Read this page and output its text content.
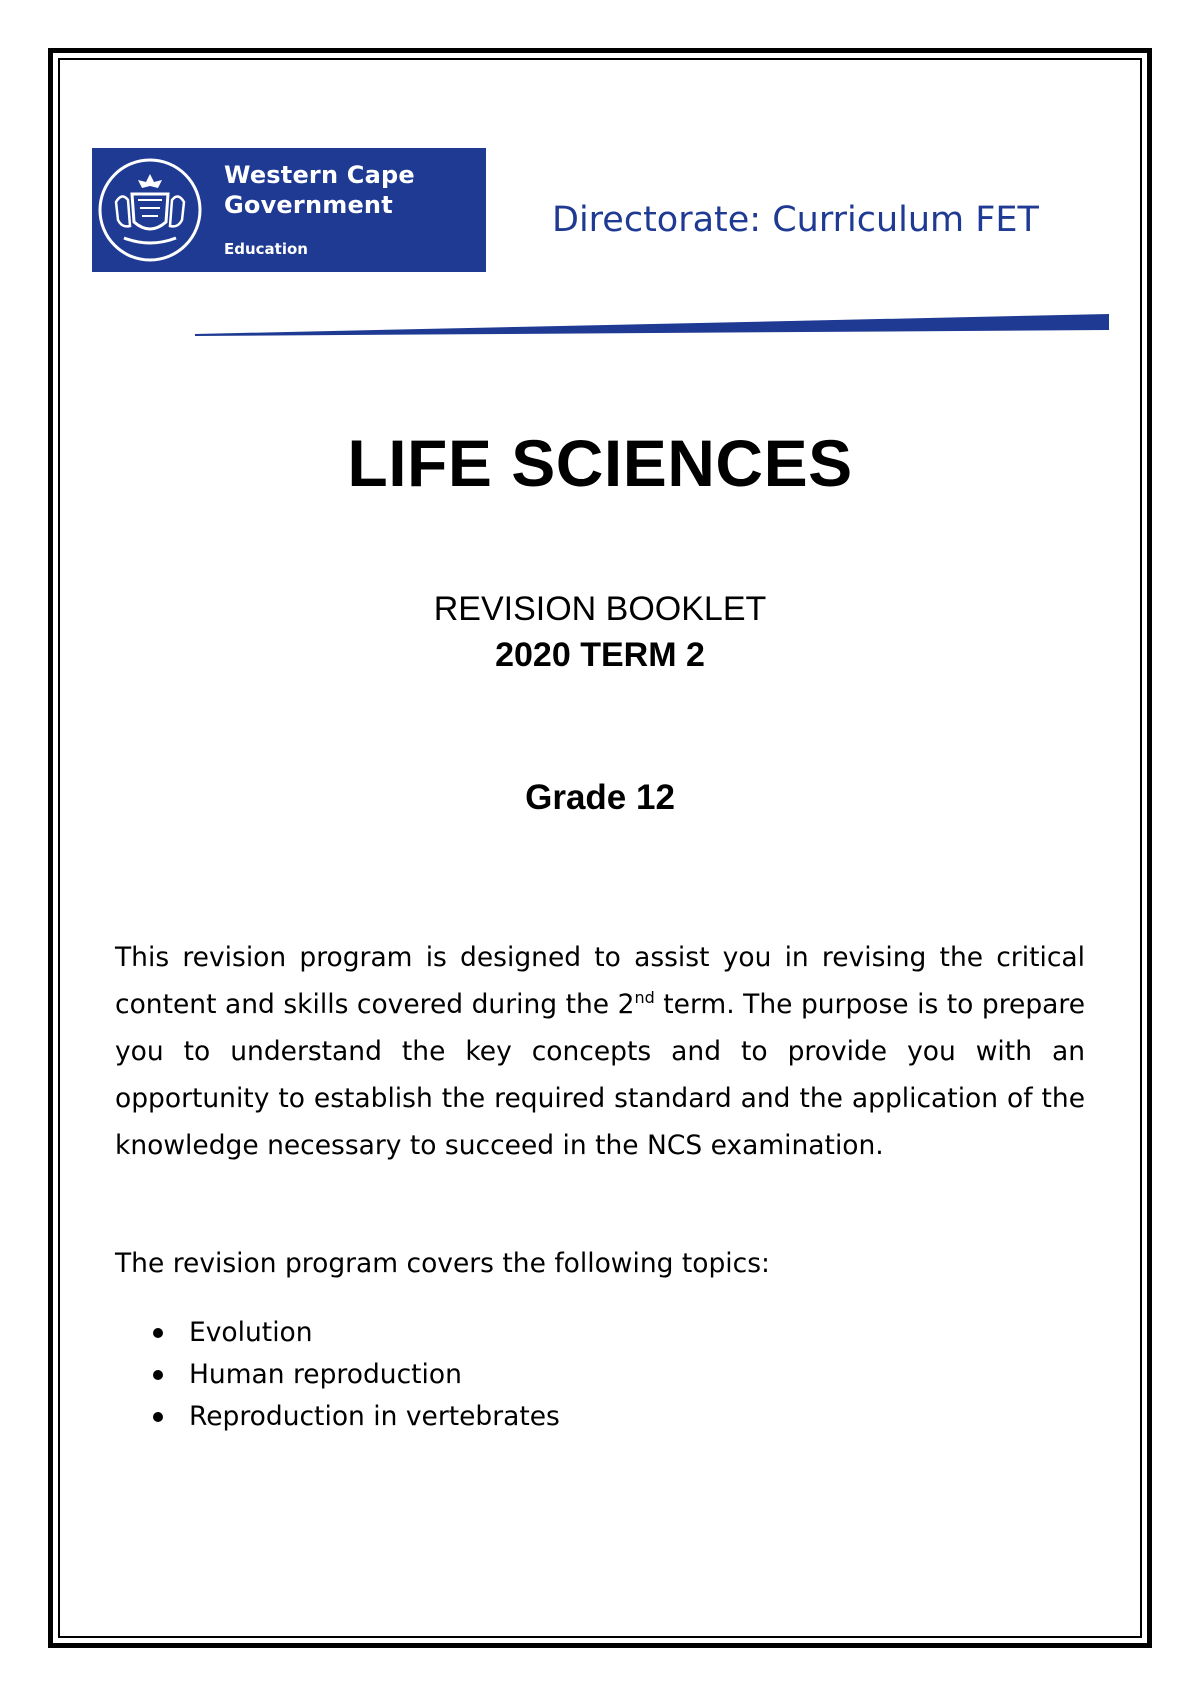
Western Cape
Government
Education
Directorate: Curriculum FET
LIFE SCIENCES
REVISION BOOKLET
2020 TERM 2
Grade 12

This revision program is designed to assist you in revising the critical content and skills covered during the 2nd term. The purpose is to prepare you to understand the key concepts and to provide you with an opportunity to establish the required standard and the application of the knowledge necessary to succeed in the NCS examination.

The revision program covers the following topics:

Evolution
Human reproduction
Reproduction in vertebrates
